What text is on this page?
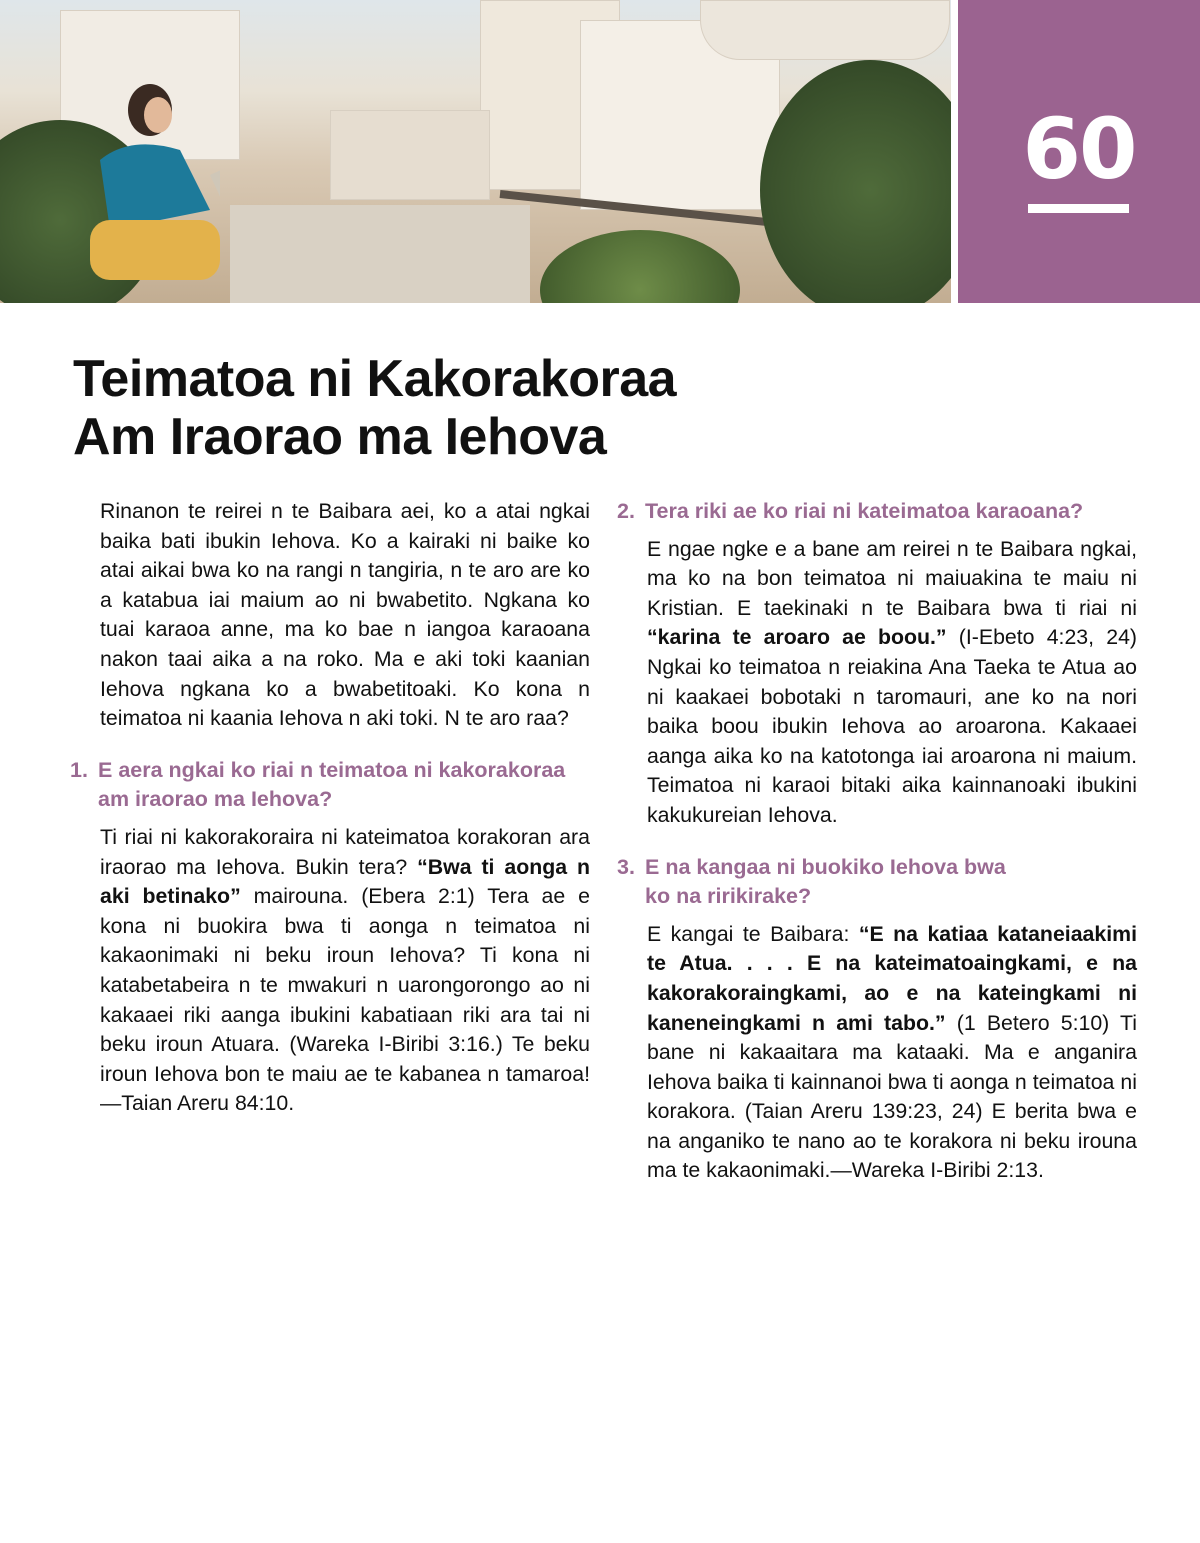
60
Teimatoa ni Kakorakoraa
Am Iraorao ma Iehova

Rinanon te reirei n te Baibara aei, ko a atai ngkai baika bati ibukin Iehova. Ko a kairaki ni baike ko atai aikai bwa ko na rangi n tangiria, n te aro are ko a katabua iai maium ao ni bwabetito. Ngkana ko tuai karaoa anne, ma ko bae n iangoa karaoana nakon taai aika a na roko. Ma e aki toki kaanian Iehova ngkana ko a bwabetitoaki. Ko kona n teimatoa ni kaania Iehova n aki toki. N te aro raa?

1. E aera ngkai ko riai n teimatoa ni kakorakoraa am iraorao ma Iehova?

Ti riai ni kakorakoraira ni kateimatoa korakoran ara iraorao ma Iehova. Bukin tera? “Bwa ti aonga n aki betinako” mairouna. (Ebera 2:1) Tera ae e kona ni buokira bwa ti aonga n teimatoa ni kakaonimaki ni beku iroun Iehova? Ti kona ni katabetabeira n te mwakuri n uarongorongo ao ni kakaaei riki aanga ibukini kabatiaan riki ara tai ni beku iroun Atuara. (Wareka I-Biribi 3:16.) Te beku iroun Iehova bon te maiu ae te kabanea n tamaroa!—Taian Areru 84:10.

2. Tera riki ae ko riai ni kateimatoa karaoana?

E ngae ngke e a bane am reirei n te Baibara ngkai, ma ko na bon teimatoa ni maiuakina te maiu ni Kristian. E taekinaki n te Baibara bwa ti riai ni “karina te aroaro ae boou.” (I-Ebeto 4:23, 24) Ngkai ko teimatoa n reiakina Ana Taeka te Atua ao ni kaakaei bobotaki n taromauri, ane ko na nori baika boou ibukin Iehova ao aroarona. Kakaaei aanga aika ko na katotonga iai aroarona ni maium. Teimatoa ni karaoi bitaki aika kainnanoaki ibukini kakukureian Iehova.

3. E na kangaa ni buokiko Iehova bwa ko na ririkirake?

E kangai te Baibara: “E na katiaa kataneiaakimi te Atua. . . . E na kateimatoaingkami, e na kakorakoraingkami, ao e na kateingkami ni kaneneingkami n ami tabo.” (1 Betero 5:10) Ti bane ni kakaaitara ma kataaki. Ma e anganira Iehova baika ti kainnanoi bwa ti aonga n teimatoa ni korakora. (Taian Areru 139:23, 24) E berita bwa e na anganiko te nano ao te korakora ni beku irouna ma te kakaonimaki.—Wareka I-Biribi 2:13.
